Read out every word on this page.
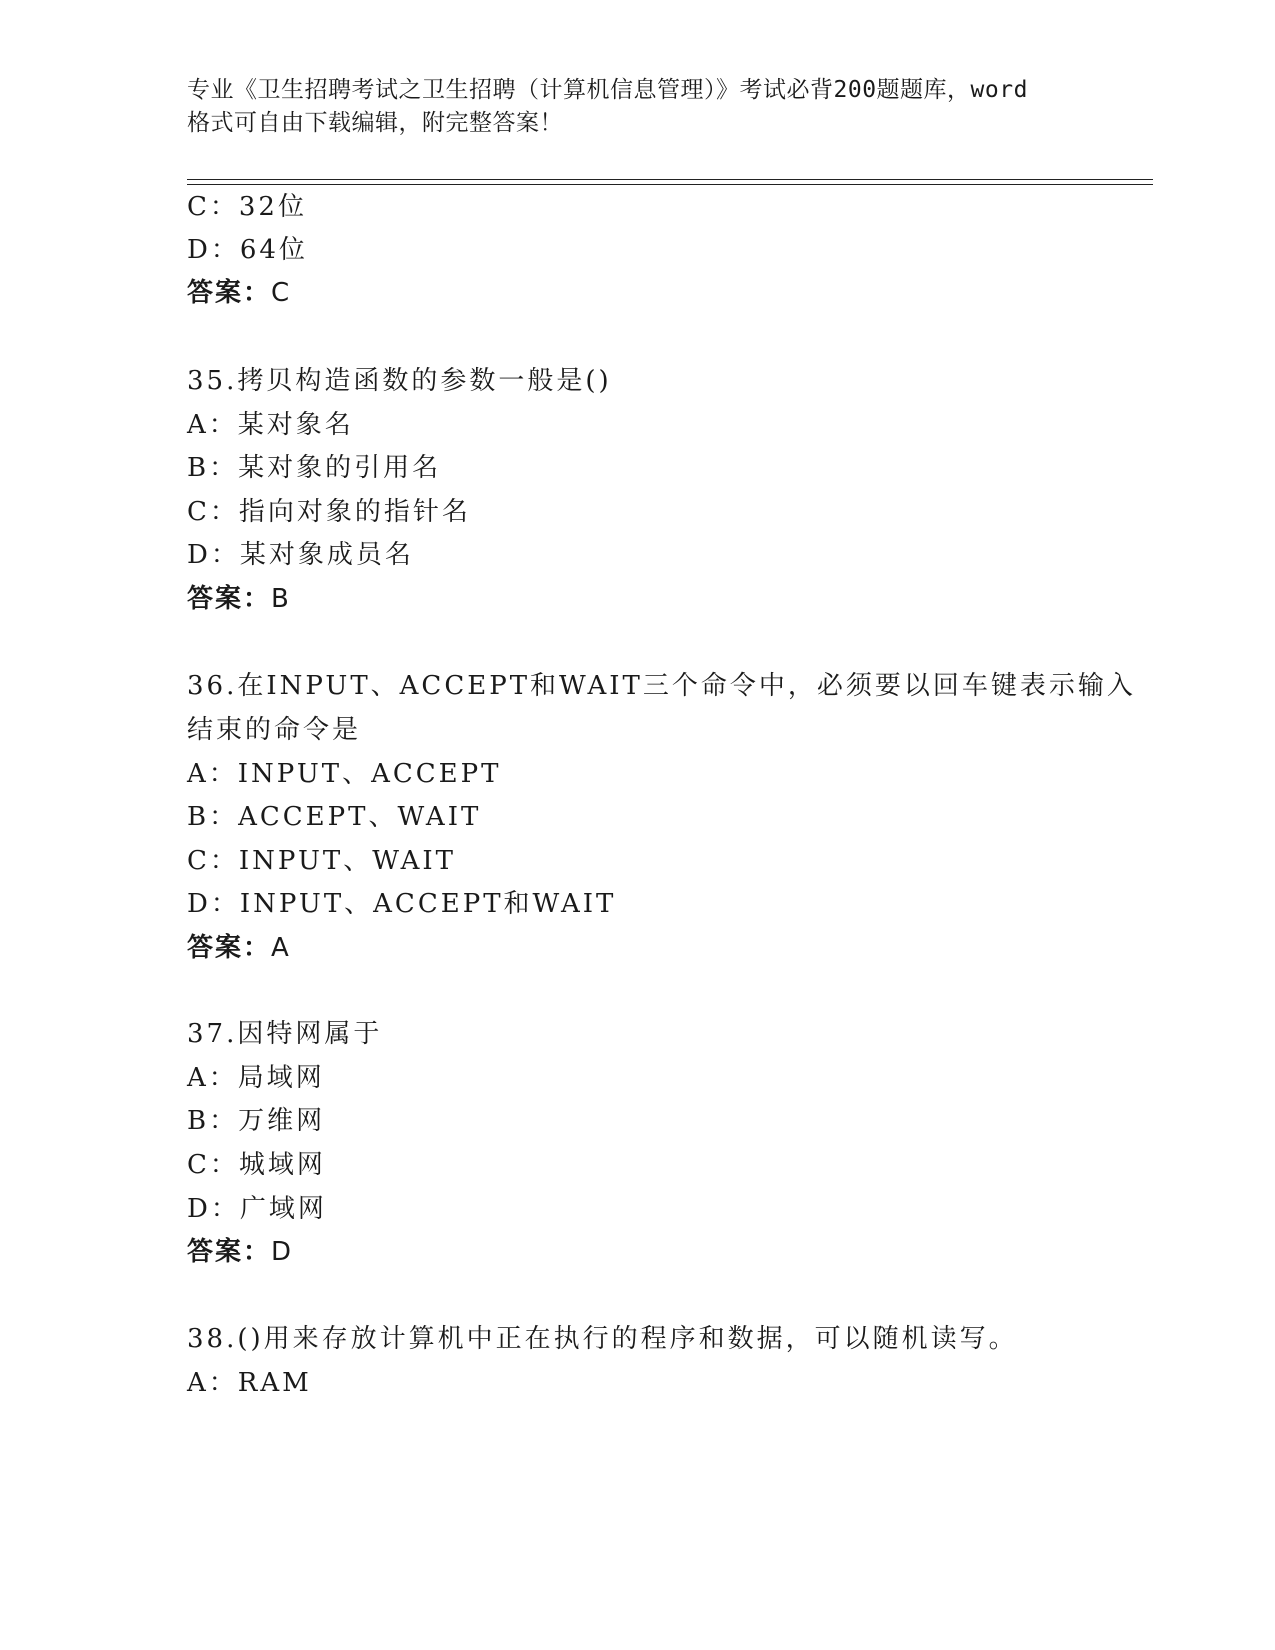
专业《卫生招聘考试之卫生招聘（计算机信息管理）》考试必背200题题库，word
格式可自由下载编辑，附完整答案！
C：32位
D：64位
答案：C
35.拷贝构造函数的参数一般是()
A：某对象名
B：某对象的引用名
C：指向对象的指针名
D：某对象成员名
答案：B
36.在INPUT、ACCEPT和WAIT三个命令中，必须要以回车键表示输入
结束的命令是
A：INPUT、ACCEPT
B：ACCEPT、WAIT
C：INPUT、WAIT
D：INPUT、ACCEPT和WAIT
答案：A
37.因特网属于
A：局域网
B：万维网
C：城域网
D：广域网
答案：D
38.()用来存放计算机中正在执行的程序和数据，可以随机读写。
A：RAM
